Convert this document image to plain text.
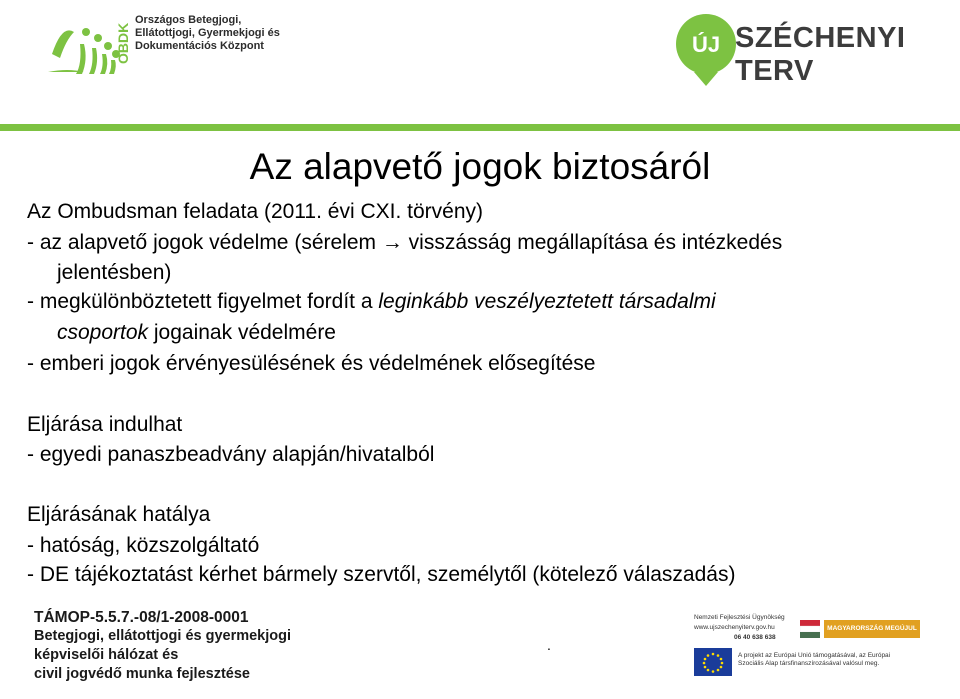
OBDK
Országos Betegjogi,
Ellátottjogi, Gyermekjogi és
Dokumentációs Központ	ÚJ SZÉCHENYI TERV
Az alapvető jogok biztosáról
Az Ombudsman feladata (2011. évi CXI. törvény)
- az alapvető jogok védelme (sérelem → visszásság megállapítása és intézkedés
jelentésben)
- megkülönböztetett figyelmet fordít a leginkább veszélyeztetett társadalmi
csoportok jogainak védelmére
- emberi jogok érvényesülésének és védelmének elősegítése
Eljárása indulhat
- egyedi panaszbeadvány alapján/hivatalból
Eljárásának hatálya
- hatóság, közszolgáltató
- DE tájékoztatást kérhet bármely szervtől, személytől (kötelező válaszadás)
TÁMOP-5.5.7.-08/1-2008-0001
Betegjogi, ellátottjogi és gyermekjogi
képviselői hálózat és
civil jogvédő munka fejlesztése
.
Nemzeti Fejlesztési Ügynökség
www.ujszechenyiterv.gov.hu
06 40 638 638
MAGYARORSZÁG MEGÚJUL
A projekt az Európai Unió támogatásával, az Európai
Szociális Alap társfinanszírozásával valósul meg.
